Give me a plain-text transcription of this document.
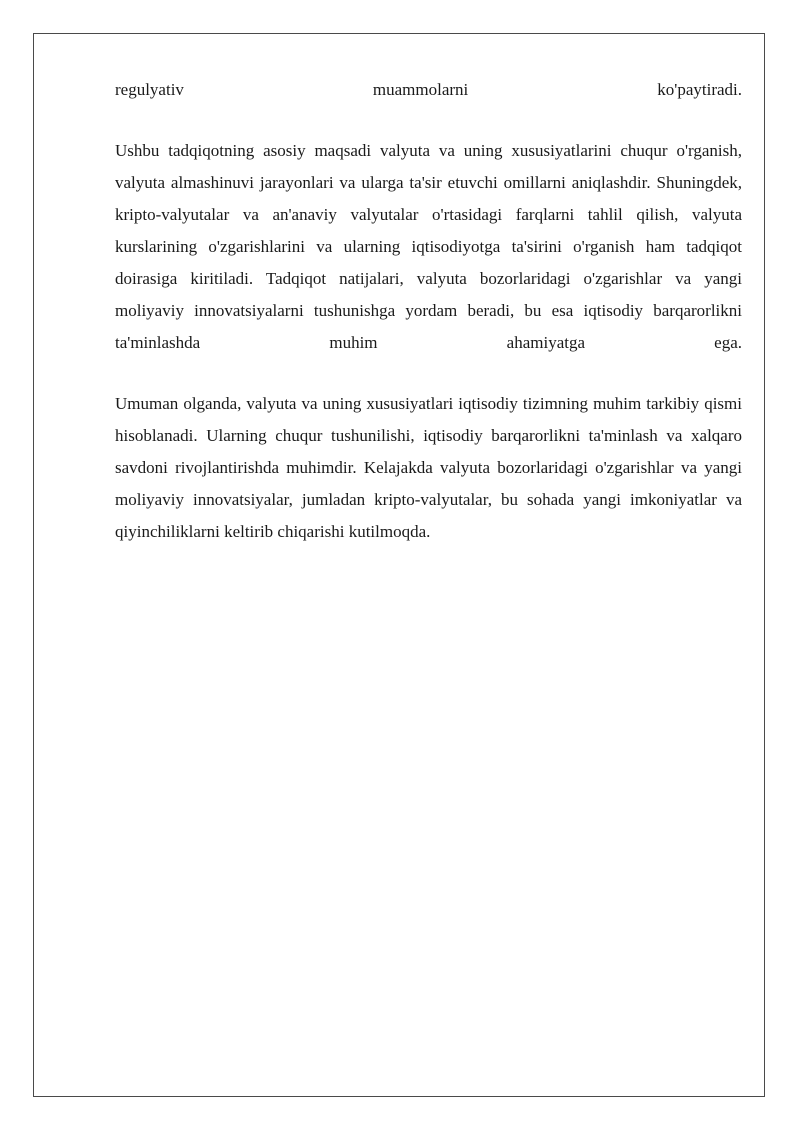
regulyativ muammolarni ko'paytiradi.

Ushbu tadqiqotning asosiy maqsadi valyuta va uning xususiyatlarini chuqur o'rganish, valyuta almashinuvi jarayonlari va ularga ta'sir etuvchi omillarni aniqlashdir. Shuningdek, kripto-valyutalar va an'anaviy valyutalar o'rtasidagi farqlarni tahlil qilish, valyuta kurslarining o'zgarishlarini va ularning iqtisodiyotga ta'sirini o'rganish ham tadqiqot doirasiga kiritiladi. Tadqiqot natijalari, valyuta bozorlaridagi o'zgarishlar va yangi moliyaviy innovatsiyalarni tushunishga yordam beradi, bu esa iqtisodiy barqarorlikni ta'minlashda muhim ahamiyatga ega.

Umuman olganda, valyuta va uning xususiyatlari iqtisodiy tizimning muhim tarkibiy qismi hisoblanadi. Ularning chuqur tushunilishi, iqtisodiy barqarorlikni ta'minlash va xalqaro savdoni rivojlantirishda muhimdir. Kelajakda valyuta bozorlaridagi o'zgarishlar va yangi moliyaviy innovatsiyalar, jumladan kripto-valyutalar, bu sohada yangi imkoniyatlar va qiyinchiliklarni keltirib chiqarishi kutilmoqda.
